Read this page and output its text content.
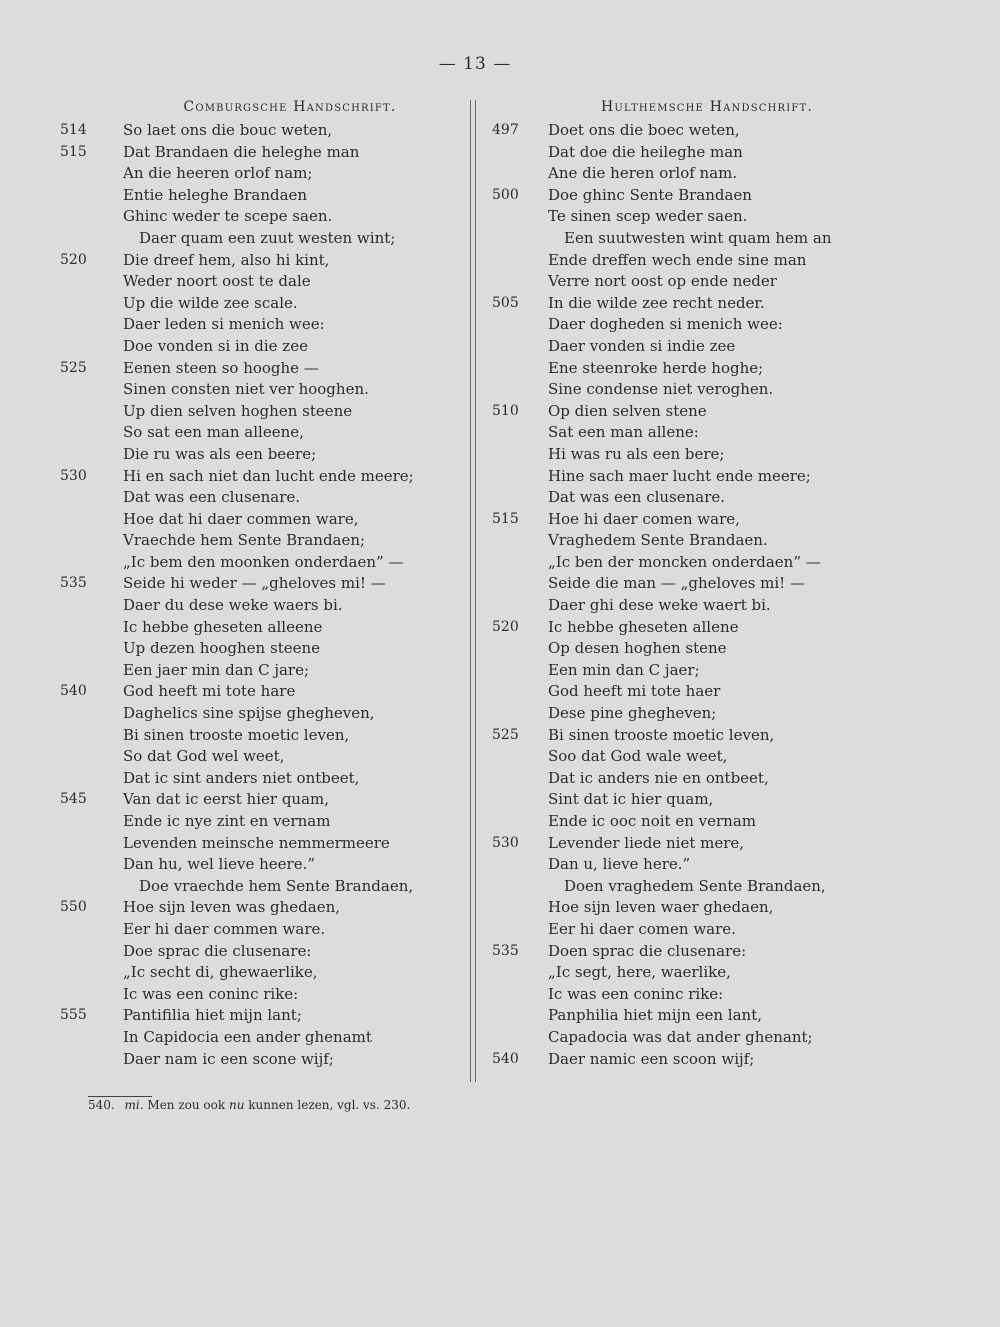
— 13 —
Comburgsche Handschrift.
514	So laet ons die bouc weten,
515	Dat Brandaen die heleghe man
An die heeren orlof nam;
Entie heleghe Brandaen
Ghinc weder te scepe saen.
Daer quam een zuut westen wint;
520	Die dreef hem, also hi kint,
Weder noort oost te dale
Up die wilde zee scale.
Daer leden si menich wee:
Doe vonden si in die zee
525	Eenen steen so hooghe —
Sinen consten niet ver hooghen.
Up dien selven hoghen steene
So sat een man alleene,
Die ru was als een beere;
530	Hi en sach niet dan lucht ende meere;
Dat was een clusenare.
Hoe dat hi daer commen ware,
Vraechde hem Sente Brandaen;
„Ic bem den moonken onderdaen” —
535	Seide hi weder — „gheloves mi! —
Daer du dese weke waers bi.
Ic hebbe gheseten alleene
Up dezen hooghen steene
Een jaer min dan C jare;
540	God heeft mi tote hare
Daghelics sine spijse ghegheven,
Bi sinen trooste moetic leven,
So dat God wel weet,
Dat ic sint anders niet ontbeet,
545	Van dat ic eerst hier quam,
Ende ic nye zint en vernam
Levenden meinsche nemmermeere
Dan hu, wel lieve heere.”
Doe vraechde hem Sente Brandaen,
550	Hoe sijn leven was ghedaen,
Eer hi daer commen ware.
Doe sprac die clusenare:
„Ic secht di, ghewaerlike,
Ic was een coninc rike:
555	Pantifilia hiet mijn lant;
In Capidocia een ander ghenamt
Daer nam ic een scone wijf;
Hulthemsche Handschrift.
497	Doet ons die boec weten,
Dat doe die heileghe man
Ane die heren orlof nam.
500	Doe ghinc Sente Brandaen
Te sinen scep weder saen.
Een suutwesten wint quam hem an
Ende dreffen wech ende sine man
Verre nort oost op ende neder
505	In die wilde zee recht neder.
Daer dogheden si menich wee:
Daer vonden si indie zee
Ene steenroke herde hoghe;
Sine condense niet veroghen.
510	Op dien selven stene
Sat een man allene:
Hi was ru als een bere;
Hine sach maer lucht ende meere;
Dat was een clusenare.
515	Hoe hi daer comen ware,
Vraghedem Sente Brandaen.
„Ic ben der moncken onderdaen” —
Seide die man — „gheloves mi! —
Daer ghi dese weke waert bi.
520	Ic hebbe gheseten allene
Op desen hoghen stene
Een min dan C jaer;
God heeft mi tote haer
Dese pine ghegheven;
525	Bi sinen trooste moetic leven,
Soo dat God wale weet,
Dat ic anders nie en ontbeet,
Sint dat ic hier quam,
Ende ic ooc noit en vernam
530	Levender liede niet mere,
Dan u, lieve here.”
Doen vraghedem Sente Brandaen,
Hoe sijn leven waer ghedaen,
Eer hi daer comen ware.
535	Doen sprac die clusenare:
„Ic segt, here, waerlike,
Ic was een coninc rike:
Panphilia hiet mijn een lant,
Capadocia was dat ander ghenant;
540	Daer namic een scoon wijf;
540. mi. Men zou ook nu kunnen lezen, vgl. vs. 230.
